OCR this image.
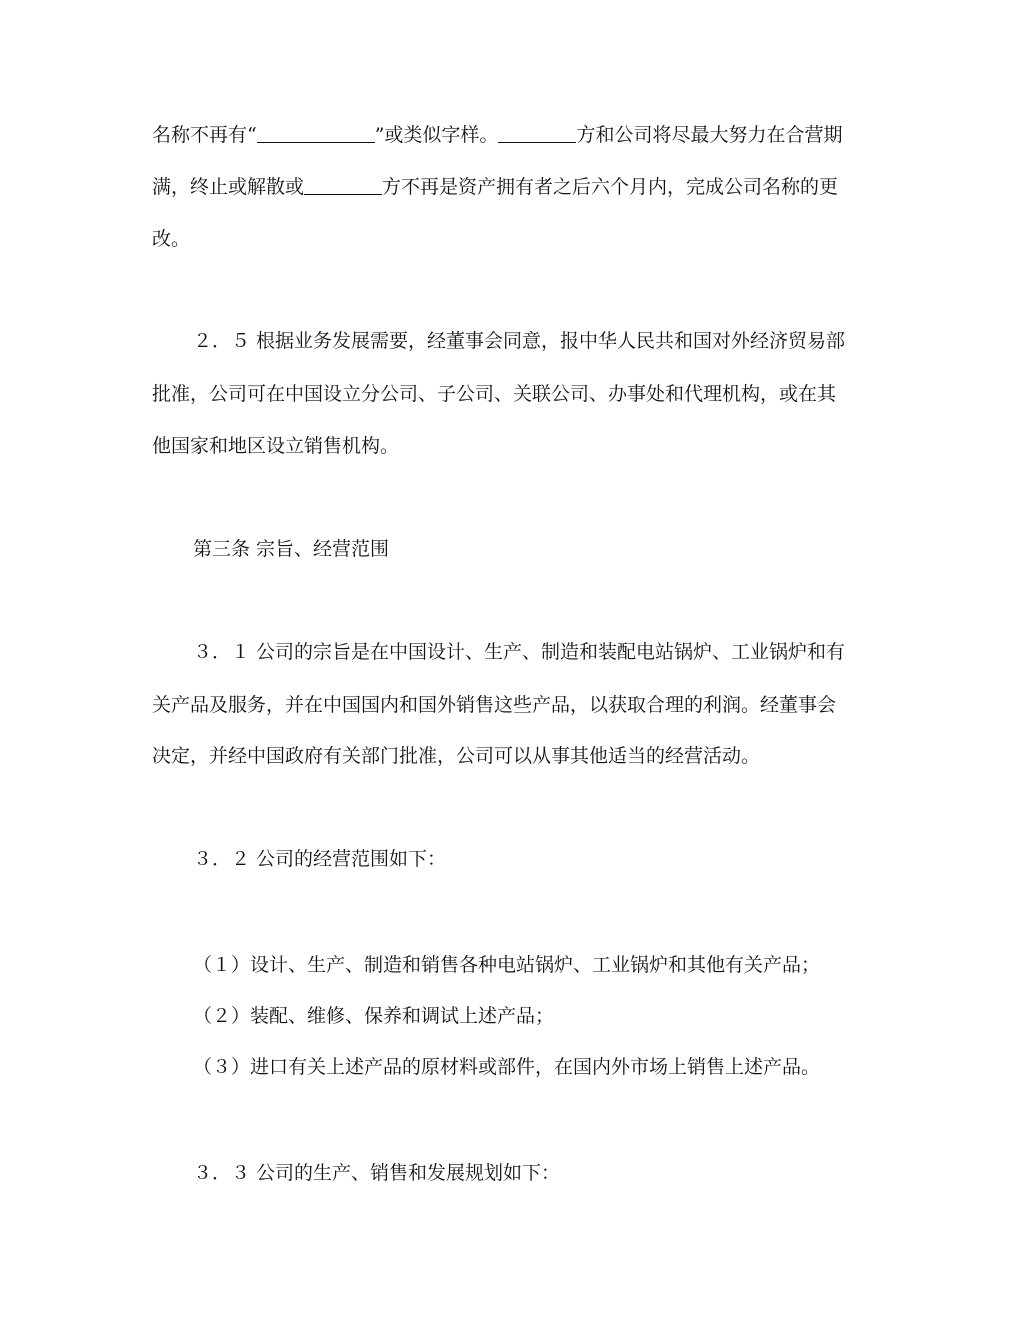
名称不再有“	”或类似字样。	方和公司将尽最大努力在合营期
满，终止或解散或	方不再是资产拥有者之后六个月内，完成公司名称的更
改。
２．５ 根据业务发展需要，经董事会同意，报中华人民共和国对外经济贸易部
批准，公司可在中国设立分公司、子公司、关联公司、办事处和代理机构，或在其
他国家和地区设立销售机构。
第三条 宗旨、经营范围
３．１ 公司的宗旨是在中国设计、生产、制造和装配电站锅炉、工业锅炉和有
关产品及服务，并在中国国内和国外销售这些产品，以获取合理的利润。经董事会
决定，并经中国政府有关部门批准，公司可以从事其他适当的经营活动。
３．２ 公司的经营范围如下：
（１）设计、生产、制造和销售各种电站锅炉、工业锅炉和其他有关产品；
（２）装配、维修、保养和调试上述产品；
（３）进口有关上述产品的原材料或部件，在国内外市场上销售上述产品。
３．３ 公司的生产、销售和发展规划如下：
